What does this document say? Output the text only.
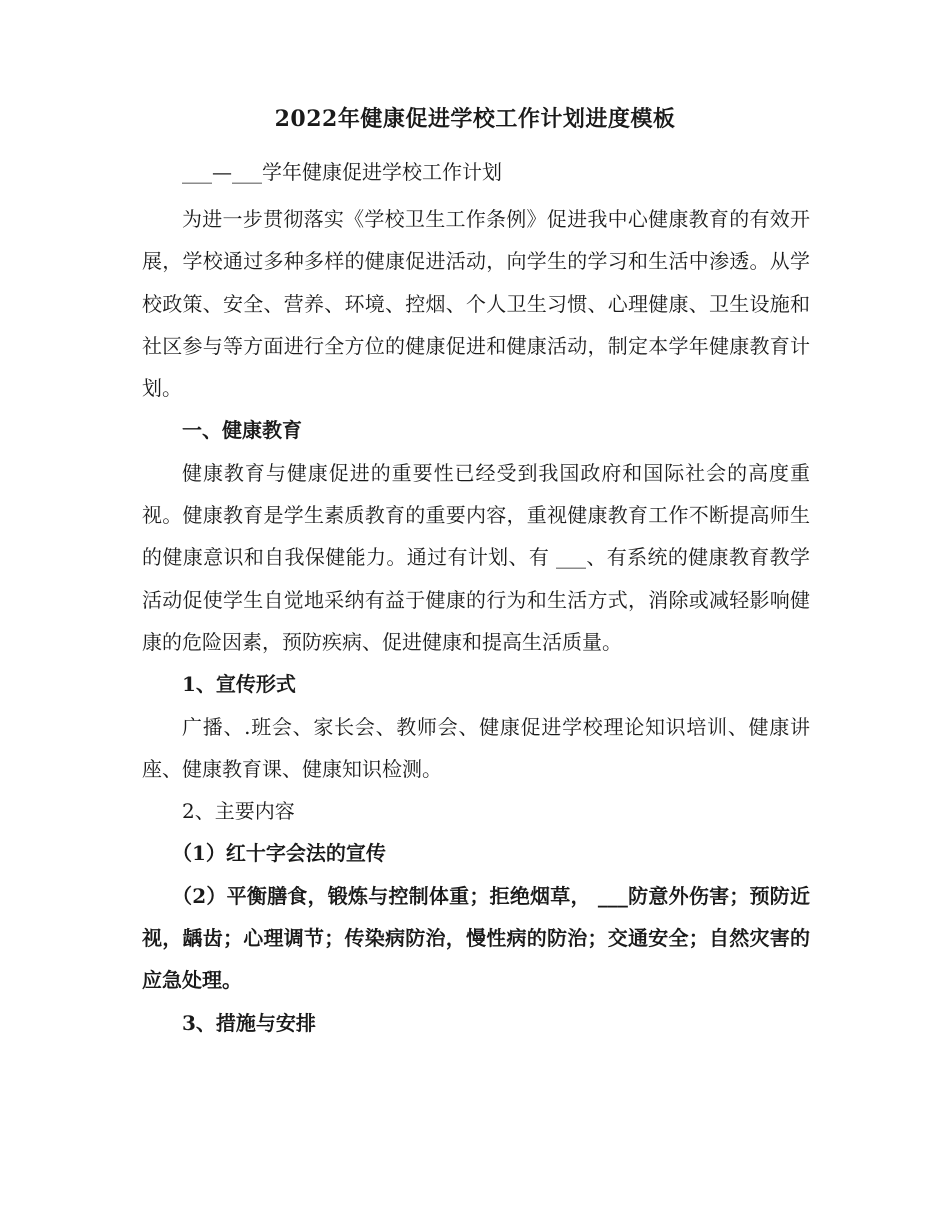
2022年健康促进学校工作计划进度模板
___—___学年健康促进学校工作计划

为进一步贯彻落实《学校卫生工作条例》促进我中心健康教育的有效开展，学校通过多种多样的健康促进活动，向学生的学习和生活中渗透。从学校政策、安全、营养、环境、控烟、个人卫生习惯、心理健康、卫生设施和社区参与等方面进行全方位的健康促进和健康活动，制定本学年健康教育计划。

一、健康教育

健康教育与健康促进的重要性已经受到我国政府和国际社会的高度重视。健康教育是学生素质教育的重要内容，重视健康教育工作不断提高师生的健康意识和自我保健能力。通过有计划、有 ___、有系统的健康教育教学活动促使学生自觉地采纳有益于健康的行为和生活方式，消除或减轻影响健康的危险因素，预防疾病、促进健康和提高生活质量。

1、宣传形式

广播、.班会、家长会、教师会、健康促进学校理论知识培训、健康讲座、健康教育课、健康知识检测。

2、主要内容

（1）红十字会法的宣传

（2）平衡膳食，锻炼与控制体重；拒绝烟草， ___防意外伤害；预防近视，龋齿；心理调节；传染病防治，慢性病的防治；交通安全；自然灾害的应急处理。

3、措施与安排
